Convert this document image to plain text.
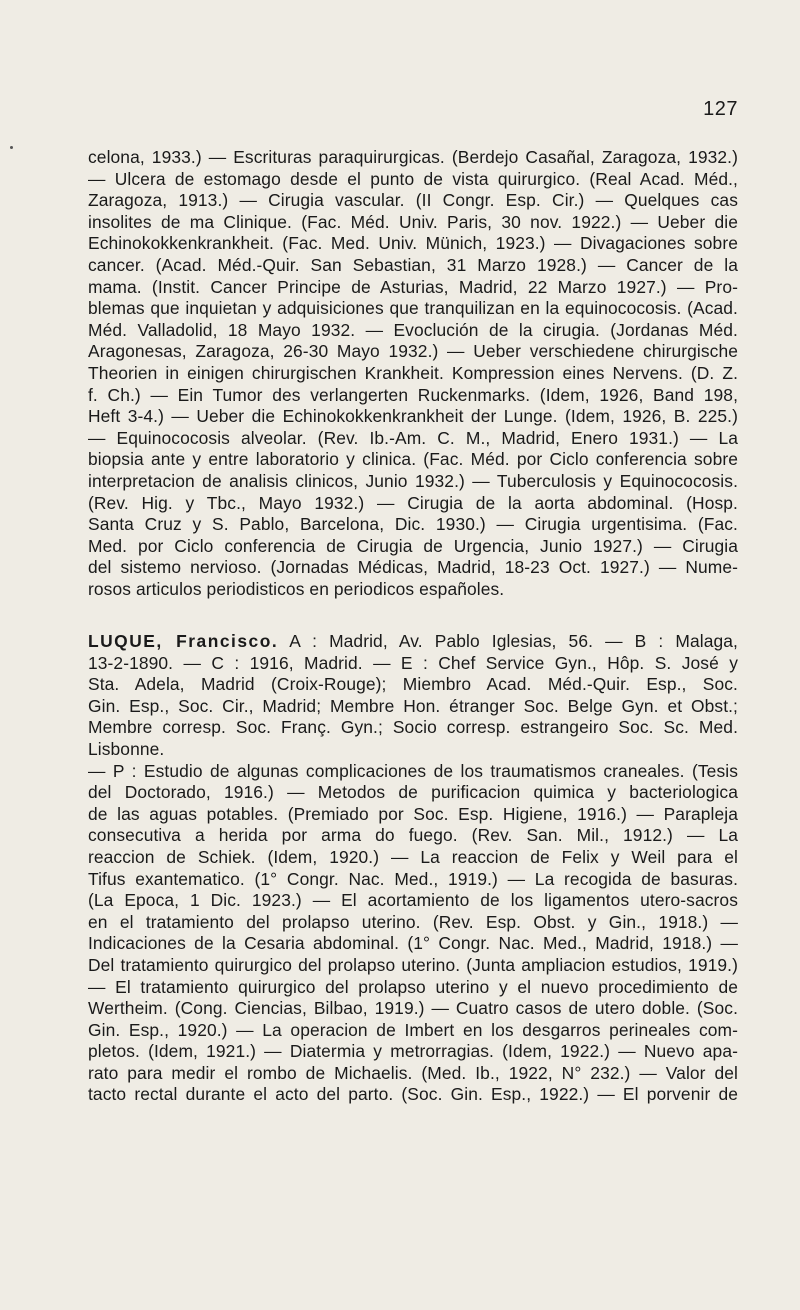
127
celona, 1933.) — Escrituras paraquirurgicas. (Berdejo Casañal, Zaragoza, 1932.)
— Ulcera de estomago desde el punto de vista quirurgico. (Real Acad. Méd.,
Zaragoza, 1913.) — Cirugia vascular. (II Congr. Esp. Cir.) — Quelques cas
insolites de ma Clinique. (Fac. Méd. Univ. Paris, 30 nov. 1922.) — Ueber die
Echinokokkenkrankheit. (Fac. Med. Univ. Münich, 1923.) — Divagaciones sobre
cancer. (Acad. Méd.-Quir. San Sebastian, 31 Marzo 1928.) — Cancer de la
mama. (Instit. Cancer Principe de Asturias, Madrid, 22 Marzo 1927.) — Pro-
blemas que inquietan y adquisiciones que tranquilizan en la equinococosis. (Acad.
Méd. Valladolid, 18 Mayo 1932. — Evoclución de la cirugia. (Jordanas Méd.
Aragonesas, Zaragoza, 26-30 Mayo 1932.) — Ueber verschiedene chirurgische
Theorien in einigen chirurgischen Krankheit. Kompression eines Nervens. (D. Z.
f. Ch.) — Ein Tumor des verlangerten Ruckenmarks. (Idem, 1926, Band 198,
Heft 3-4.) — Ueber die Echinokokkenkrankheit der Lunge. (Idem, 1926, B. 225.)
— Equinococosis alveolar. (Rev. Ib.-Am. C. M., Madrid, Enero 1931.) — La
biopsia ante y entre laboratorio y clinica. (Fac. Méd. por Ciclo conferencia sobre
interpretacion de analisis clinicos, Junio 1932.) — Tuberculosis y Equinococosis.
(Rev. Hig. y Tbc., Mayo 1932.) — Cirugia de la aorta abdominal. (Hosp.
Santa Cruz y S. Pablo, Barcelona, Dic. 1930.) — Cirugia urgentisima. (Fac.
Med. por Ciclo conferencia de Cirugia de Urgencia, Junio 1927.) — Cirugia
del sistemo nervioso. (Jornadas Médicas, Madrid, 18-23 Oct. 1927.) — Nume-
rosos articulos periodisticos en periodicos españoles.
LUQUE, Francisco. A : Madrid, Av. Pablo Iglesias, 56. — B : Malaga,
13-2-1890. — C : 1916, Madrid. — E : Chef Service Gyn., Hôp. S. José y
Sta. Adela, Madrid (Croix-Rouge); Miembro Acad. Méd.-Quir. Esp., Soc.
Gin. Esp., Soc. Cir., Madrid; Membre Hon. étranger Soc. Belge Gyn. et Obst.;
Membre corresp. Soc. Franç. Gyn.; Socio corresp. estrangeiro Soc. Sc. Med.
Lisbonne.
— P : Estudio de algunas complicaciones de los traumatismos craneales. (Tesis
del Doctorado, 1916.) — Metodos de purificacion quimica y bacteriologica
de las aguas potables. (Premiado por Soc. Esp. Higiene, 1916.) — Parapleja
consecutiva a herida por arma do fuego. (Rev. San. Mil., 1912.) — La
reaccion de Schiek. (Idem, 1920.) — La reaccion de Felix y Weil para el
Tifus exantematico. (1° Congr. Nac. Med., 1919.) — La recogida de basuras.
(La Epoca, 1 Dic. 1923.) — El acortamiento de los ligamentos utero-sacros
en el tratamiento del prolapso uterino. (Rev. Esp. Obst. y Gin., 1918.) —
Indicaciones de la Cesaria abdominal. (1° Congr. Nac. Med., Madrid, 1918.) —
Del tratamiento quirurgico del prolapso uterino. (Junta ampliacion estudios, 1919.)
— El tratamiento quirurgico del prolapso uterino y el nuevo procedimiento de
Wertheim. (Cong. Ciencias, Bilbao, 1919.) — Cuatro casos de utero doble. (Soc.
Gin. Esp., 1920.) — La operacion de Imbert en los desgarros perineales com-
pletos. (Idem, 1921.) — Diatermia y metrorragias. (Idem, 1922.) — Nuevo apa-
rato para medir el rombo de Michaelis. (Med. Ib., 1922, N° 232.) — Valor del
tacto rectal durante el acto del parto. (Soc. Gin. Esp., 1922.) — El porvenir de
